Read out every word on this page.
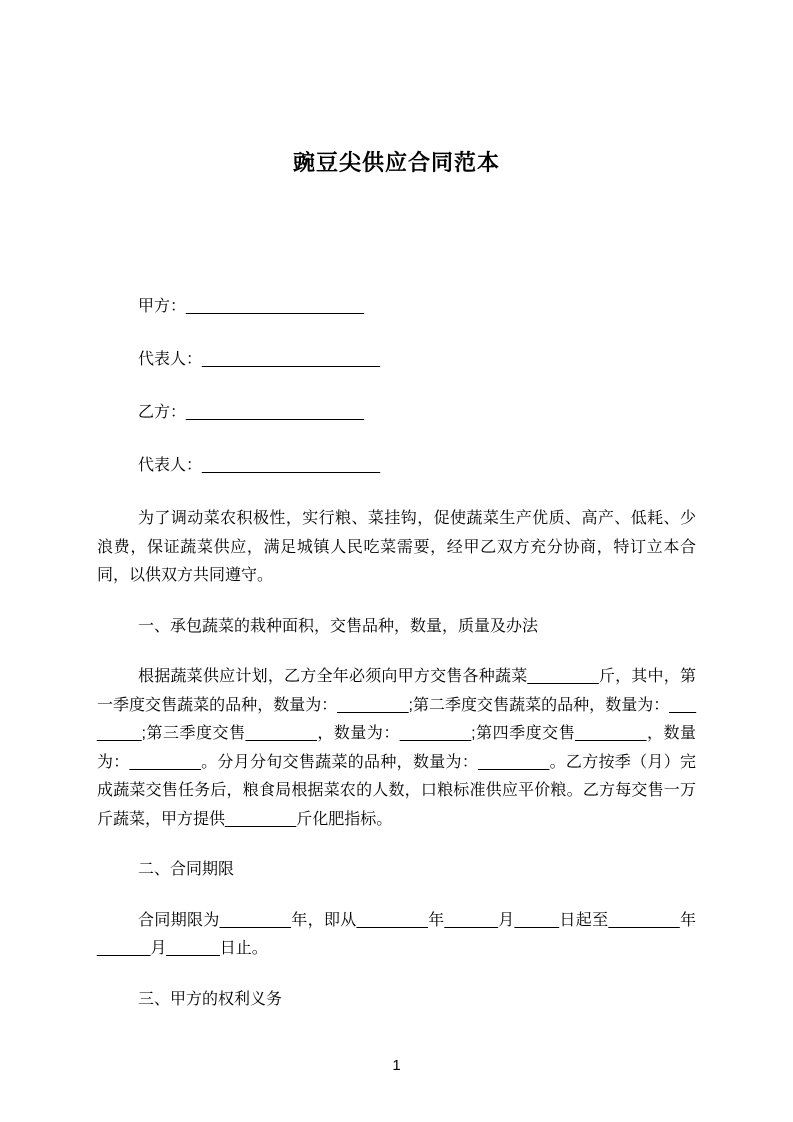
豌豆尖供应合同范本

甲方：____________________

代表人：____________________

乙方：____________________

代表人：____________________

为了调动菜农积极性，实行粮、菜挂钩，促使蔬菜生产优质、高产、低耗、少浪费，保证蔬菜供应，满足城镇人民吃菜需要，经甲乙双方充分协商，特订立本合同，以供双方共同遵守。

一、承包蔬菜的栽种面积，交售品种，数量，质量及办法

根据蔬菜供应计划，乙方全年必须向甲方交售各种蔬菜________斤，其中，第一季度交售蔬菜的品种，数量为：________;第二季度交售蔬菜的品种，数量为：________;第三季度交售________，数量为：________;第四季度交售________，数量为：________。分月分旬交售蔬菜的品种，数量为：________。乙方按季（月）完成蔬菜交售任务后，粮食局根据菜农的人数，口粮标准供应平价粮。乙方每交售一万斤蔬菜，甲方提供________斤化肥指标。

二、合同期限

合同期限为________年，即从________年______月_____日起至________年______月______日止。

三、甲方的权利义务

1
